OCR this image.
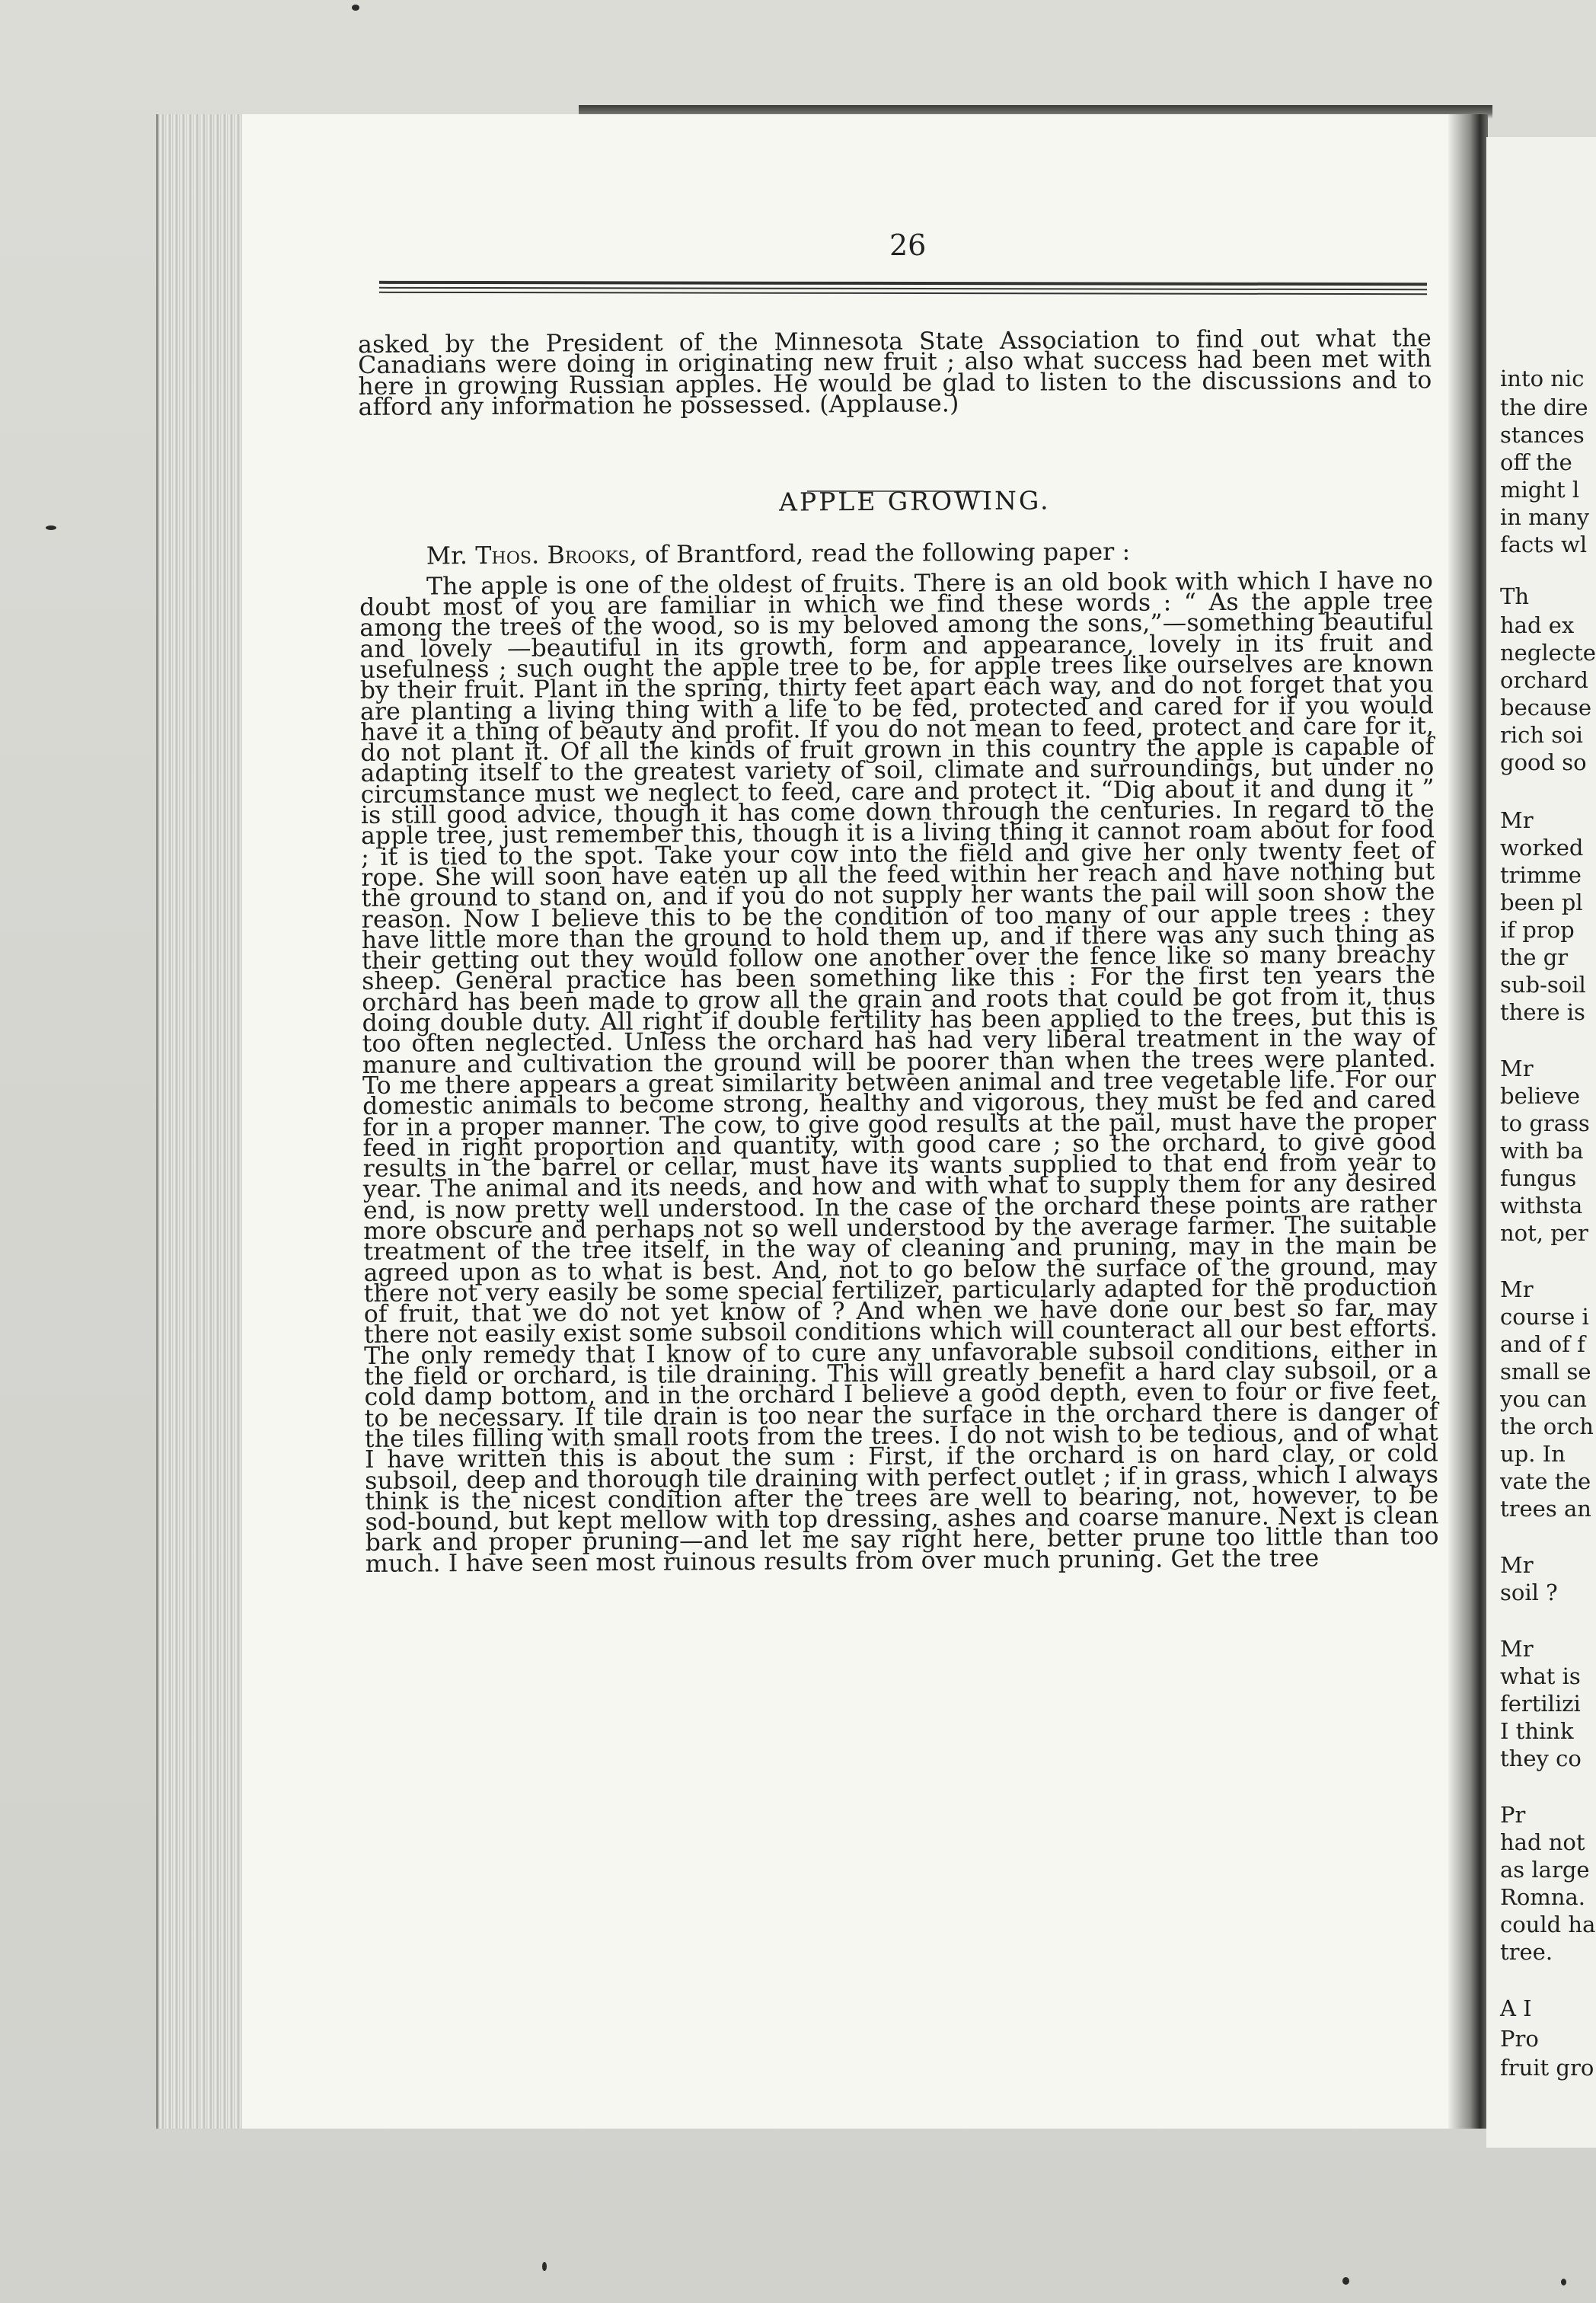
into nic
the dire
stances
off the
might l
in many
facts wl
Th
had ex
neglecte
orchard
because
rich soi
good so
Mr
worked
trimme
been pl
if prop
the gr
sub-soil
there is
Mr
believe
to grass
with ba
fungus
withsta
not, per
Mr
course i
and of f
small se
you can
the orch
up. In
vate the
trees an
Mr
soil ?
Mr
what is
fertilizi
I think
they co
Pr
had not
as large
Romna.
could ha
tree.
A I
Pro
fruit gro
26

asked by the President of the Minnesota State Association to find out what the Canadians were doing in originating new fruit ; also what success had been met with here in growing Russian apples. He would be glad to listen to the discussions and to afford any information he possessed. (Applause.)

APPLE GROWING.
Mr. Thos. Brooks, of Brantford, read the following paper :

The apple is one of the oldest of fruits. There is an old book with which I have no doubt most of you are familiar in which we find these words : “ As the apple tree among the trees of the wood, so is my beloved among the sons,”—something beautiful and lovely —beautiful in its growth, form and appearance, lovely in its fruit and usefulness ; such ought the apple tree to be, for apple trees like ourselves are known by their fruit. Plant in the spring, thirty feet apart each way, and do not forget that you are planting a living thing with a life to be fed, protected and cared for if you would have it a thing of beauty and profit. If you do not mean to feed, protect and care for it, do not plant it. Of all the kinds of fruit grown in this country the apple is capable of adapting itself to the greatest variety of soil, climate and surroundings, but under no circumstance must we neglect to feed, care and protect it. “Dig about it and dung it ” is still good advice, though it has come down through the centuries. In regard to the apple tree, just remember this, though it is a living thing it cannot roam about for food ; it is tied to the spot. Take your cow into the field and give her only twenty feet of rope. She will soon have eaten up all the feed within her reach and have nothing but the ground to stand on, and if you do not supply her wants the pail will soon show the reason. Now I believe this to be the condition of too many of our apple trees : they have little more than the ground to hold them up, and if there was any such thing as their getting out they would follow one another over the fence like so many breachy sheep. General practice has been something like this : For the first ten years the orchard has been made to grow all the grain and roots that could be got from it, thus doing double duty. All right if double fertility has been applied to the trees, but this is too often neglected. Unless the orchard has had very liberal treatment in the way of manure and cultivation the ground will be poorer than when the trees were planted. To me there appears a great similarity between animal and tree vegetable life. For our domestic animals to become strong, healthy and vigorous, they must be fed and cared for in a proper manner. The cow, to give good results at the pail, must have the proper feed in right proportion and quantity, with good care ; so the orchard, to give good results in the barrel or cellar, must have its wants supplied to that end from year to year. The animal and its needs, and how and with what to supply them for any desired end, is now pretty well understood. In the case of the orchard these points are rather more obscure and perhaps not so well understood by the average farmer. The suitable treatment of the tree itself, in the way of cleaning and pruning, may in the main be agreed upon as to what is best. And, not to go below the surface of the ground, may there not very easily be some special fertilizer, particularly adapted for the production of fruit, that we do not yet know of ? And when we have done our best so far, may there not easily exist some subsoil conditions which will counteract all our best efforts. The only remedy that I know of to cure any unfavorable subsoil conditions, either in the field or orchard, is tile draining. This will greatly benefit a hard clay subsoil, or a cold damp bottom, and in the orchard I believe a good depth, even to four or five feet, to be necessary. If tile drain is too near the surface in the orchard there is danger of the tiles filling with small roots from the trees. I do not wish to be tedious, and of what I have written this is about the sum : First, if the orchard is on hard clay, or cold subsoil, deep and thorough tile draining with perfect outlet ; if in grass, which I always think is the nicest condition after the trees are well to bearing, not, however, to be sod-bound, but kept mellow with top dressing, ashes and coarse manure. Next is clean bark and proper pruning—and let me say right here, better prune too little than too much. I have seen most ruinous results from over much pruning. Get the tree
